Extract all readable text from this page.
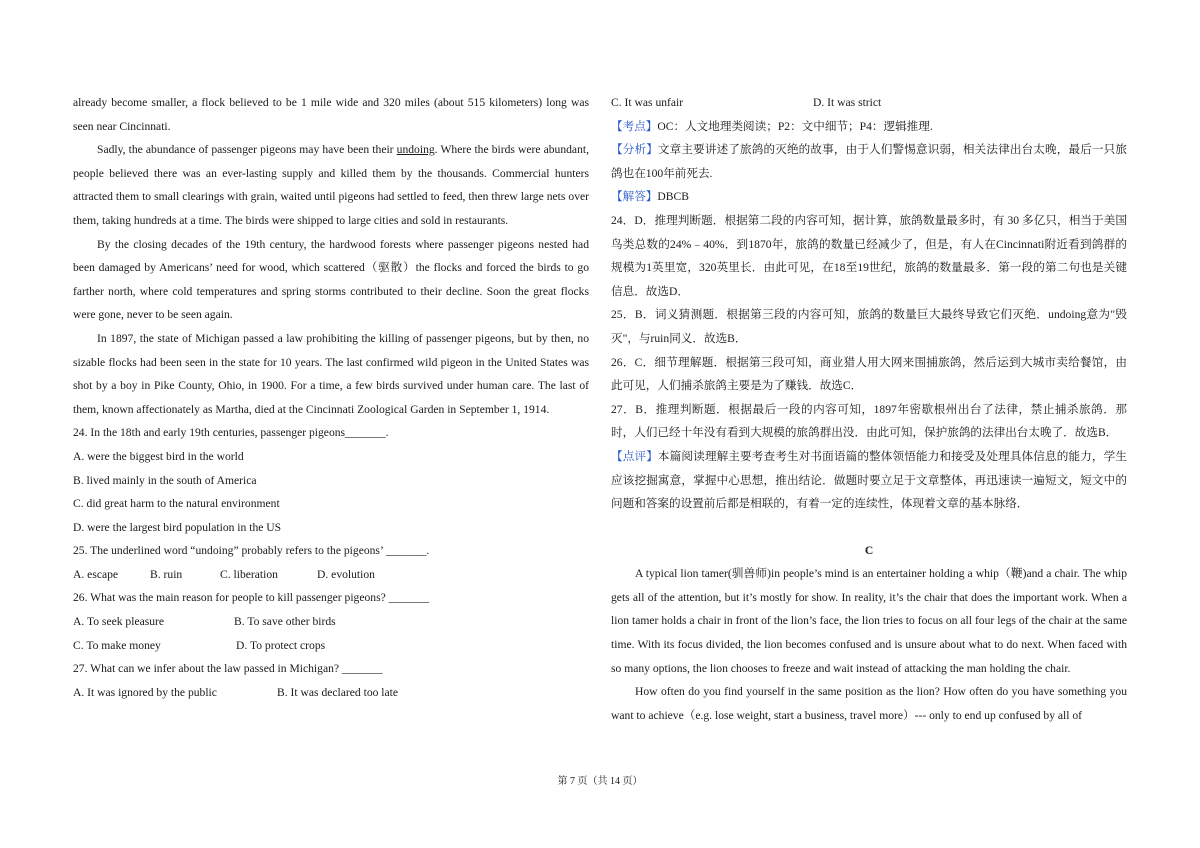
already become smaller, a flock believed to be 1 mile wide and 320 miles (about 515 kilometers) long was seen near Cincinnati.

Sadly, the abundance of passenger pigeons may have been their undoing. Where the birds were abundant, people believed there was an ever-lasting supply and killed them by the thousands. Commercial hunters attracted them to small clearings with grain, waited until pigeons had settled to feed, then threw large nets over them, taking hundreds at a time. The birds were shipped to large cities and sold in restaurants.

By the closing decades of the 19th century, the hardwood forests where passenger pigeons nested had been damaged by Americans’ need for wood, which scattered（驱散）the flocks and forced the birds to go farther north, where cold temperatures and spring storms contributed to their decline. Soon the great flocks were gone, never to be seen again.

In 1897, the state of Michigan passed a law prohibiting the killing of passenger pigeons, but by then, no sizable flocks had been seen in the state for 10 years. The last confirmed wild pigeon in the United States was shot by a boy in Pike County, Ohio, in 1900. For a time, a few birds survived under human care. The last of them, known affectionately as Martha, died at the Cincinnati Zoological Garden in September 1, 1914.

24. In the 18th and early 19th centuries, passenger pigeons_______.

A. were the biggest bird in the world

B. lived mainly in the south of America

C. did great harm to the natural environment

D. were the largest bird population in the US

25. The underlined word “undoing” probably refers to the pigeons’ _______.

A. escape	B. ruin	C. liberation	D. evolution

26. What was the main reason for people to kill passenger pigeons? _______

A. To seek pleasure	B. To save other birds

C. To make money	D. To protect crops

27. What can we infer about the law passed in Michigan? _______

A. It was ignored by the public	B. It was declared too late

C. It was unfair	D. It was strict

【考点】OC：人文地理类阅读；P2：文中细节；P4：逻辑推理.

【分析】文章主要讲述了旅鸽的灭绝的故事，由于人们警惕意识弱，相关法律出台太晚，最后一只旅鸽也在100年前死去.

【解答】DBCB

24．D．推理判断题．根据第二段的内容可知，据计算，旅鸽数量最多时，有 30 多亿只，相当于美国鸟类总数的24%﹣40%．到1870年，旅鸽的数量已经减少了，但是，有人在Cincinnati附近看到鸽群的规模为1英里宽，320英里长．由此可见，在18至19世纪，旅鸽的数量最多．第一段的第二句也是关键信息．故选D．

25．B．词义猜测题．根据第三段的内容可知，旅鸽的数量巨大最终导致它们灭绝．undoing意为"毁灭"，与ruin同义．故选B．

26．C．细节理解题．根据第三段可知，商业猎人用大网来围捕旅鸽，然后运到大城市卖给餐馆，由此可见，人们捕杀旅鸽主要是为了赚钱．故选C．

27．B．推理判断题．根据最后一段的内容可知，1897年密歇根州出台了法律，禁止捕杀旅鸽．那时，人们已经十年没有看到大规模的旅鸽群出没．由此可知，保护旅鸽的法律出台太晚了．故选B．

【点评】本篇阅读理解主要考查考生对书面语篇的整体领悟能力和接受及处理具体信息的能力，学生应该挖掘寓意，掌握中心思想，推出结论．做题时要立足于文章整体，再迅速读一遍短文，短文中的问题和答案的设置前后都是相联的，有着一定的连续性，体现着文章的基本脉络．

C

A typical lion tamer(驯兽师)in people’s mind is an entertainer holding a whip（鞭)and a chair. The whip gets all of the attention, but it’s mostly for show. In reality, it’s the chair that does the important work. When a lion tamer holds a chair in front of the lion’s face, the lion tries to focus on all four legs of the chair at the same time. With its focus divided, the lion becomes confused and is unsure about what to do next. When faced with so many options, the lion chooses to freeze and wait instead of attacking the man holding the chair.

How often do you find yourself in the same position as the lion? How often do you have something you want to achieve（e.g. lose weight, start a business, travel more）--- only to end up confused by all of

第 7 页（共 14 页）
